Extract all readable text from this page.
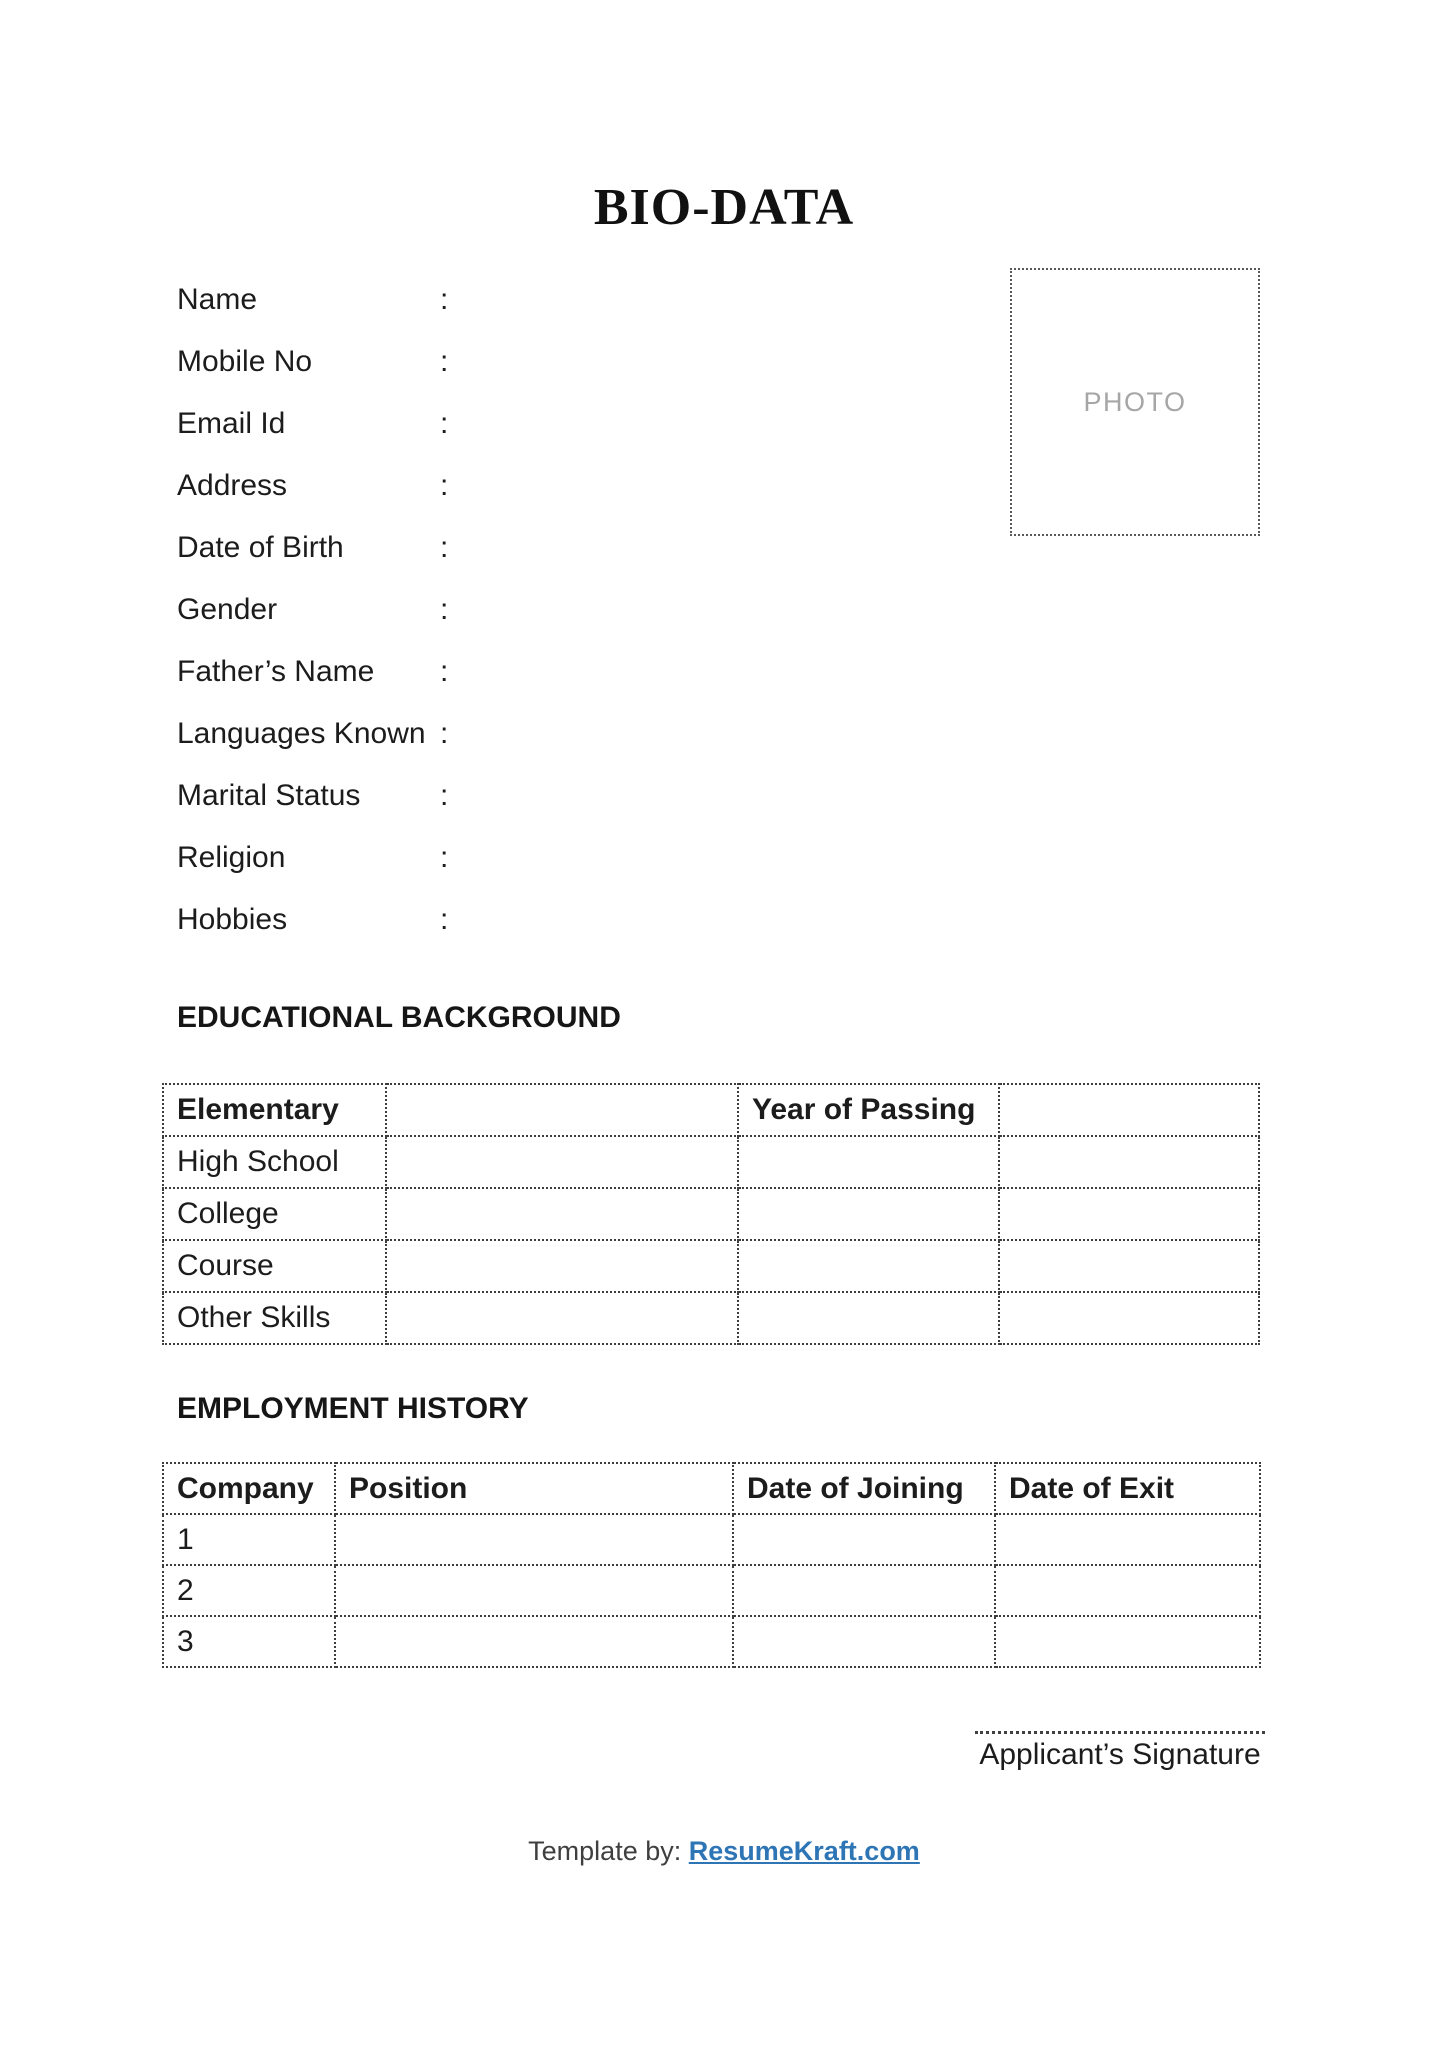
BIO-DATA
PHOTO
Name	:
Mobile No	:
Email Id	:
Address	:
Date of Birth	:
Gender	:
Father’s Name	:
Languages Known :
Marital Status	:
Religion	:
Hobbies	:
EDUCATIONAL BACKGROUND
Elementary		Year of Passing	
High School			
College			
Course			
Other Skills			
EMPLOYMENT HISTORY
Company	Position	Date of Joining	Date of Exit
1			
2			
3			
Applicant’s Signature
Template by: ResumeKraft.com
